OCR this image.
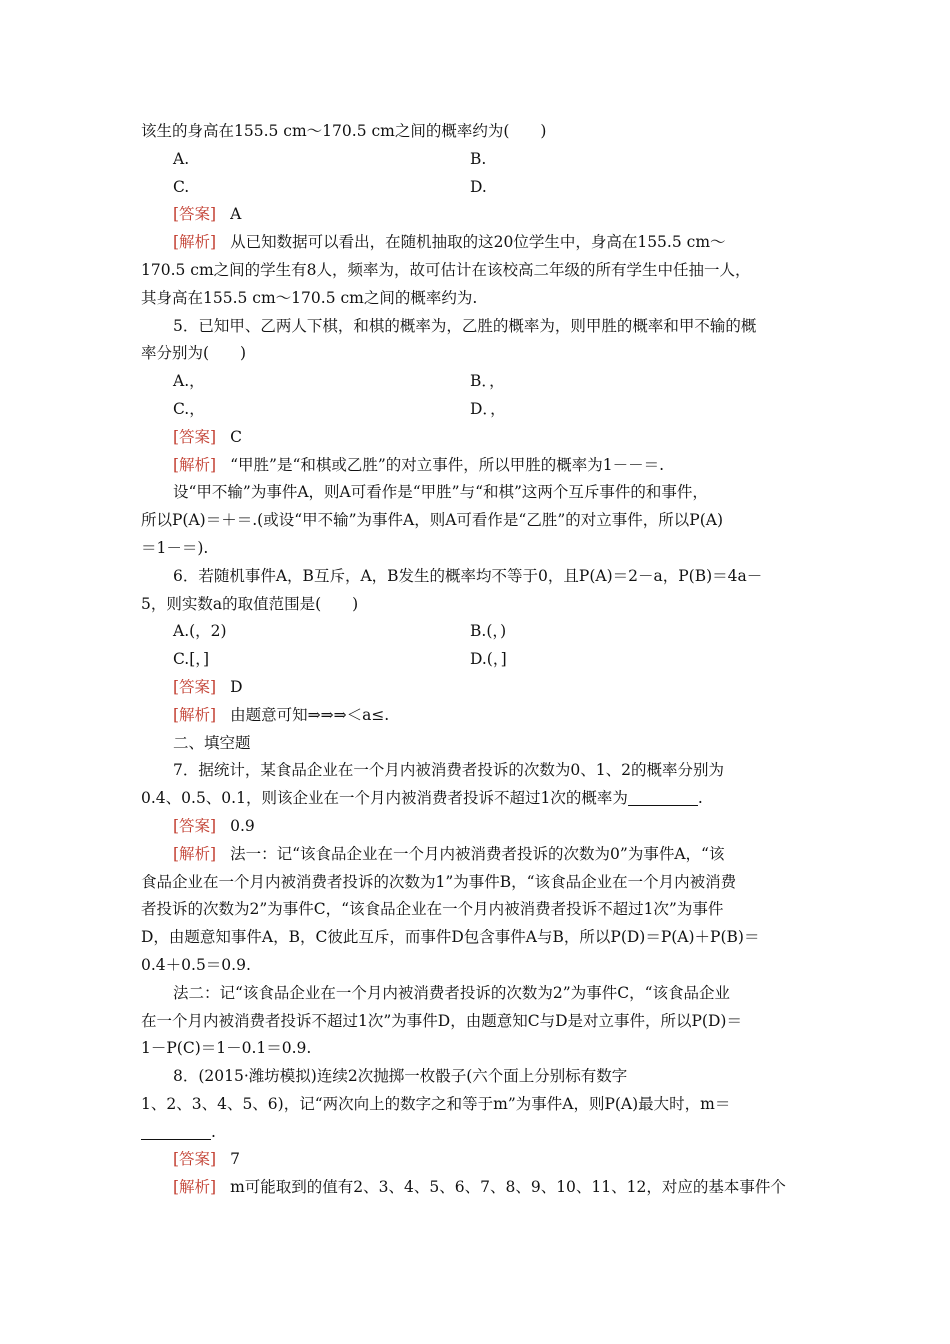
该生的身高在155.5 cm～170.5 cm之间的概率约为(　　)
A.	B.
C.	D.
[答案] A
[解析] 从已知数据可以看出，在随机抽取的这20位学生中，身高在155.5 cm～
170.5 cm之间的学生有8人，频率为，故可估计在该校高二年级的所有学生中任抽一人，
其身高在155.5 cm～170.5 cm之间的概率约为.
5．已知甲、乙两人下棋，和棋的概率为，乙胜的概率为，则甲胜的概率和甲不输的概
率分别为(　　)
A.，	B．，
C.，	D．，
[答案] C
[解析] “甲胜”是“和棋或乙胜”的对立事件，所以甲胜的概率为1－－＝.
设“甲不输”为事件A，则A可看作是“甲胜”与“和棋”这两个互斥事件的和事件，
所以P(A)＝＋＝.(或设“甲不输”为事件A，则A可看作是“乙胜”的对立事件，所以P(A)
＝1－＝).
6．若随机事件A，B互斥，A，B发生的概率均不等于0，且P(A)＝2－a，P(B)＝4a－
5，则实数a的取值范围是(　　)
A.(，2)	B.(，)
C.[，]	D.(，]
[答案] D
[解析] 由题意可知⇒⇒⇒＜a≤.
二、填空题
7．据统计，某食品企业在一个月内被消费者投诉的次数为0、1、2的概率分别为
0.4、0.5、0.1，则该企业在一个月内被消费者投诉不超过1次的概率为	.
[答案] 0.9
[解析] 法一：记“该食品企业在一个月内被消费者投诉的次数为0”为事件A，“该
食品企业在一个月内被消费者投诉的次数为1”为事件B，“该食品企业在一个月内被消费
者投诉的次数为2”为事件C，“该食品企业在一个月内被消费者投诉不超过1次”为事件
D，由题意知事件A，B，C彼此互斥，而事件D包含事件A与B，所以P(D)＝P(A)＋P(B)＝
0.4＋0.5＝0.9.
法二：记“该食品企业在一个月内被消费者投诉的次数为2”为事件C，“该食品企业
在一个月内被消费者投诉不超过1次”为事件D，由题意知C与D是对立事件，所以P(D)＝
1－P(C)＝1－0.1＝0.9.
8．(2015·潍坊模拟)连续2次抛掷一枚骰子(六个面上分别标有数字
1、2、3、4、5、6)，记“两次向上的数字之和等于m”为事件A，则P(A)最大时，m＝
.
[答案] 7
[解析] m可能取到的值有2、3、4、5、6、7、8、9、10、11、12，对应的基本事件个
